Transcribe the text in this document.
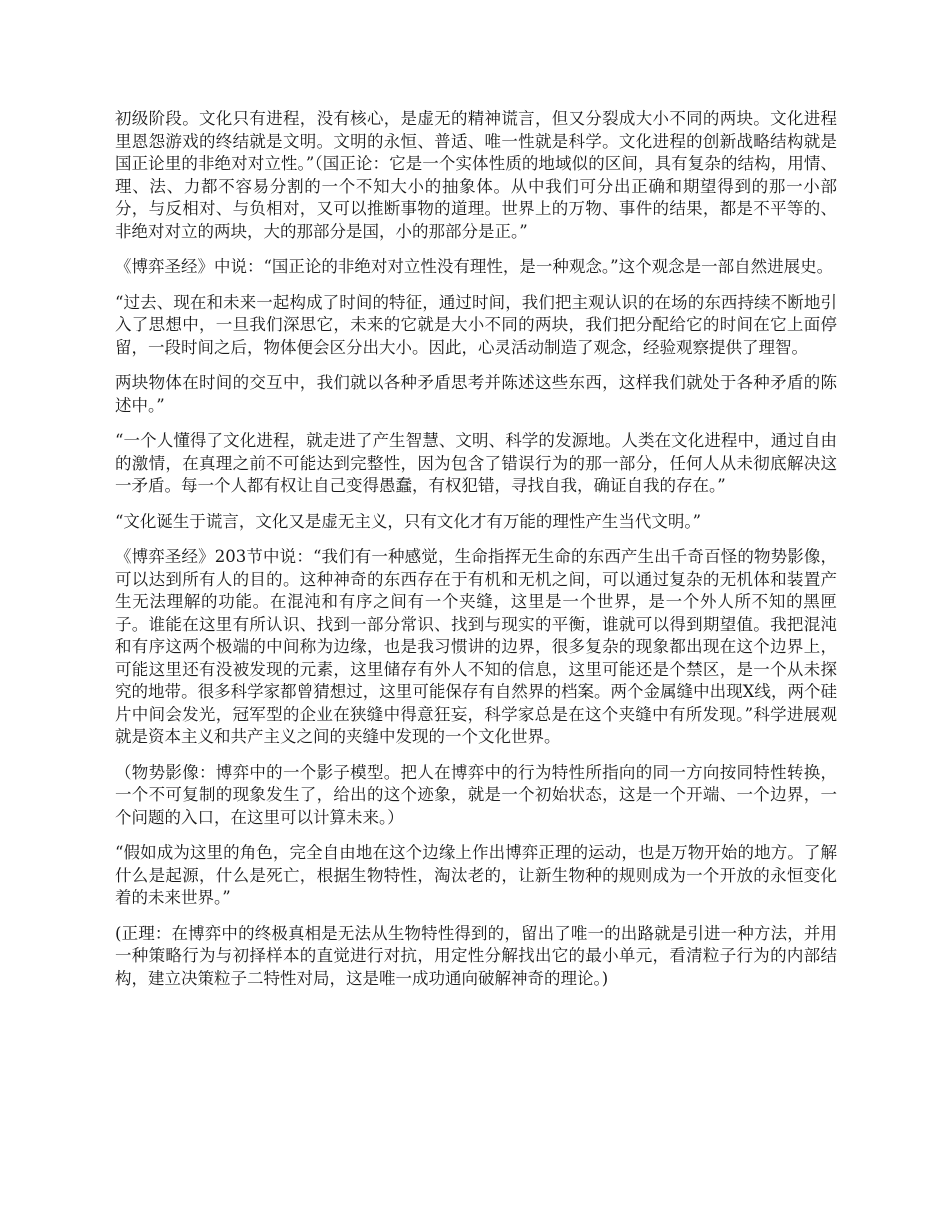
初级阶段。文化只有进程，没有核心，是虚无的精神谎言，但又分裂成大小不同的两块。文化进程里恩怨游戏的终结就是文明。文明的永恒、普适、唯一性就是科学。文化进程的创新战略结构就是国正论里的非绝对对立性。”（国正论：它是一个实体性质的地域似的区间，具有复杂的结构，用情、理、法、力都不容易分割的一个不知大小的抽象体。从中我们可分出正确和期望得到的那一小部分，与反相对、与负相对，又可以推断事物的道理。世界上的万物、事件的结果，都是不平等的、非绝对对立的两块，大的那部分是国，小的那部分是正。”

《博弈圣经》中说：“国正论的非绝对对立性没有理性，是一种观念。”这个观念是一部自然进展史。

“过去、现在和未来一起构成了时间的特征，通过时间，我们把主观认识的在场的东西持续不断地引入了思想中，一旦我们深思它，未来的它就是大小不同的两块，我们把分配给它的时间在它上面停留，一段时间之后，物体便会区分出大小。因此，心灵活动制造了观念，经验观察提供了理智。

两块物体在时间的交互中，我们就以各种矛盾思考并陈述这些东西，这样我们就处于各种矛盾的陈述中。”

“一个人懂得了文化进程，就走进了产生智慧、文明、科学的发源地。人类在文化进程中，通过自由的激情，在真理之前不可能达到完整性，因为包含了错误行为的那一部分，任何人从未彻底解决这一矛盾。每一个人都有权让自己变得愚蠢，有权犯错，寻找自我，确证自我的存在。”

“文化诞生于谎言，文化又是虚无主义，只有文化才有万能的理性产生当代文明。”

《博弈圣经》203节中说：“我们有一种感觉，生命指挥无生命的东西产生出千奇百怪的物势影像，可以达到所有人的目的。这种神奇的东西存在于有机和无机之间，可以通过复杂的无机体和装置产生无法理解的功能。在混沌和有序之间有一个夹缝，这里是一个世界，是一个外人所不知的黑匣子。谁能在这里有所认识、找到一部分常识、找到与现实的平衡，谁就可以得到期望值。我把混沌和有序这两个极端的中间称为边缘，也是我习惯讲的边界，很多复杂的现象都出现在这个边界上，可能这里还有没被发现的元素，这里储存有外人不知的信息，这里可能还是个禁区，是一个从未探究的地带。很多科学家都曾猜想过，这里可能保存有自然界的档案。两个金属缝中出现X线，两个硅片中间会发光，冠军型的企业在狭缝中得意狂妄，科学家总是在这个夹缝中有所发现。”科学进展观就是资本主义和共产主义之间的夹缝中发现的一个文化世界。

（物势影像：博弈中的一个影子模型。把人在博弈中的行为特性所指向的同一方向按同特性转换，一个不可复制的现象发生了，给出的这个迹象，就是一个初始状态，这是一个开端、一个边界，一个问题的入口，在这里可以计算未来。）

“假如成为这里的角色，完全自由地在这个边缘上作出博弈正理的运动，也是万物开始的地方。了解什么是起源，什么是死亡，根据生物特性，淘汰老的，让新生物种的规则成为一个开放的永恒变化着的未来世界。”

(正理：在博弈中的终极真相是无法从生物特性得到的，留出了唯一的出路就是引进一种方法，并用一种策略行为与初择样本的直觉进行对抗，用定性分解找出它的最小单元，看清粒子行为的内部结构，建立决策粒子二特性对局，这是唯一成功通向破解神奇的理论。)
